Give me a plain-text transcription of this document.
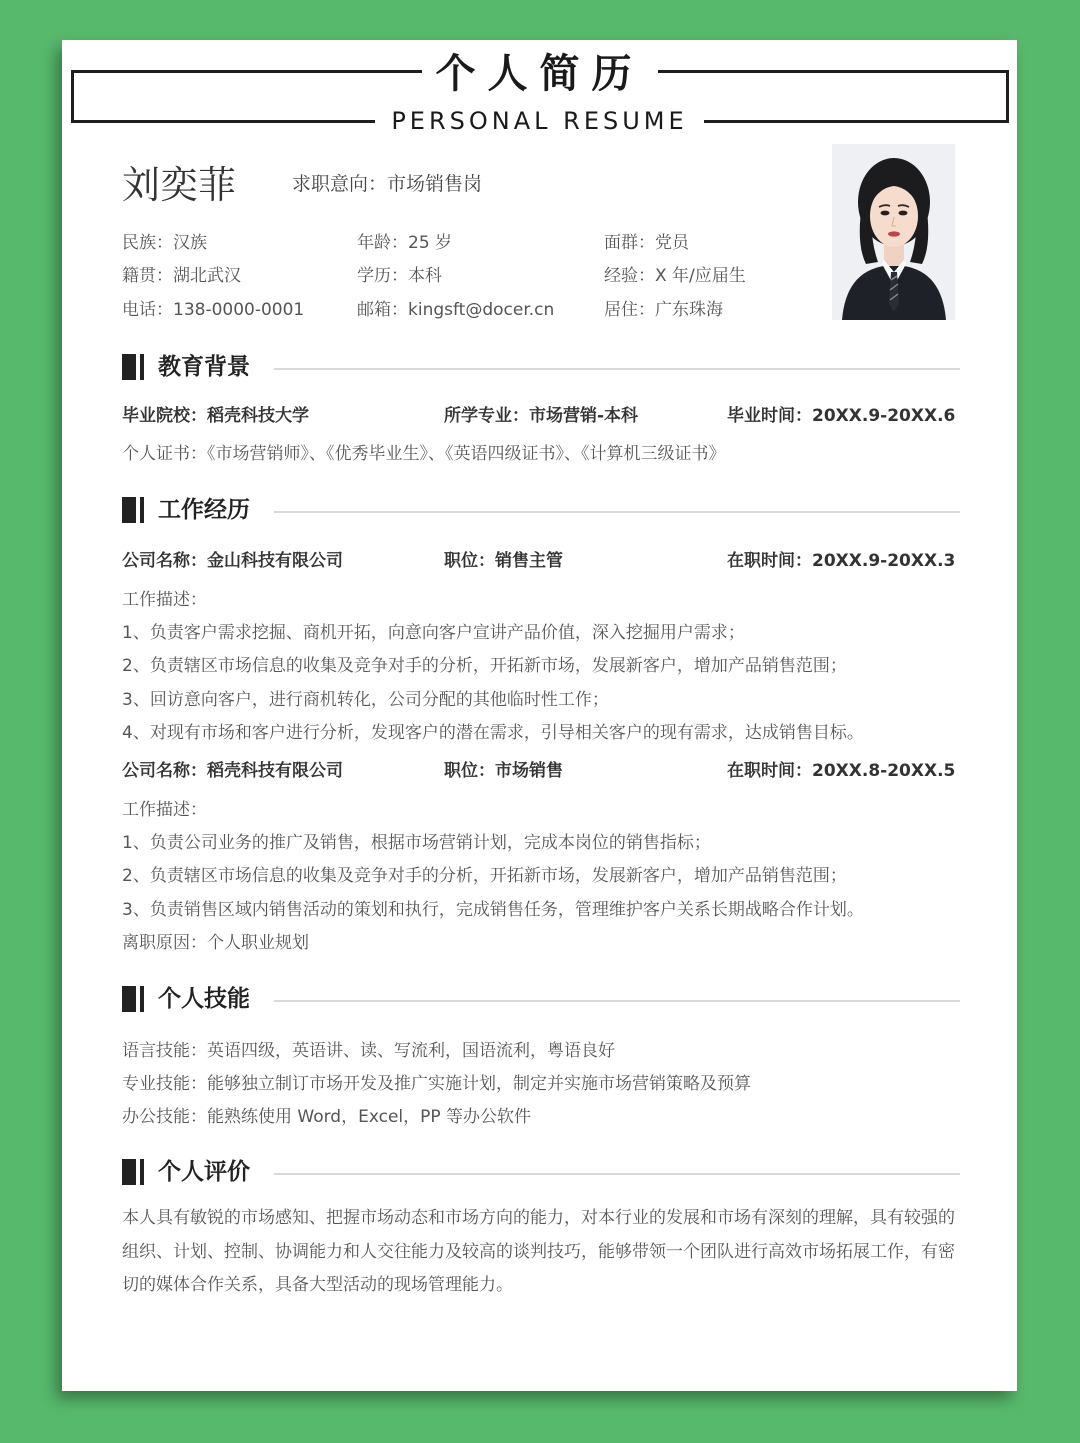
个人简历
PERSONAL RESUME
刘奕菲	求职意向：市场销售岗
民族：汉族	年龄：25 岁	面群：党员
籍贯：湖北武汉	学历：本科	经验：X 年/应届生
电话：138-0000-0001	邮箱：kingsft@docer.cn	居住：广东珠海
教育背景
毕业院校：稻壳科技大学	所学专业：市场营销-本科	毕业时间：20XX.9-20XX.6
个人证书：《市场营销师》、《优秀毕业生》、《英语四级证书》、《计算机三级证书》
工作经历
公司名称：金山科技有限公司	职位：销售主管	在职时间：20XX.9-20XX.3
工作描述：
1、负责客户需求挖掘、商机开拓，向意向客户宣讲产品价值，深入挖掘用户需求；
2、负责辖区市场信息的收集及竞争对手的分析，开拓新市场，发展新客户，增加产品销售范围；
3、回访意向客户，进行商机转化，公司分配的其他临时性工作；
4、对现有市场和客户进行分析，发现客户的潜在需求，引导相关客户的现有需求，达成销售目标。
公司名称：稻壳科技有限公司	职位：市场销售	在职时间：20XX.8-20XX.5
工作描述：
1、负责公司业务的推广及销售，根据市场营销计划，完成本岗位的销售指标；
2、负责辖区市场信息的收集及竞争对手的分析，开拓新市场，发展新客户，增加产品销售范围；
3、负责销售区域内销售活动的策划和执行，完成销售任务，管理维护客户关系长期战略合作计划。
离职原因：个人职业规划
个人技能
语言技能：英语四级，英语讲、读、写流利，国语流利，粤语良好
专业技能：能够独立制订市场开发及推广实施计划，制定并实施市场营销策略及预算
办公技能：能熟练使用 Word，Excel，PP 等办公软件
个人评价
本人具有敏锐的市场感知、把握市场动态和市场方向的能力，对本行业的发展和市场有深刻的理解，具有较强的组织、计划、控制、协调能力和人交往能力及较高的谈判技巧，能够带领一个团队进行高效市场拓展工作，有密切的媒体合作关系，具备大型活动的现场管理能力。
